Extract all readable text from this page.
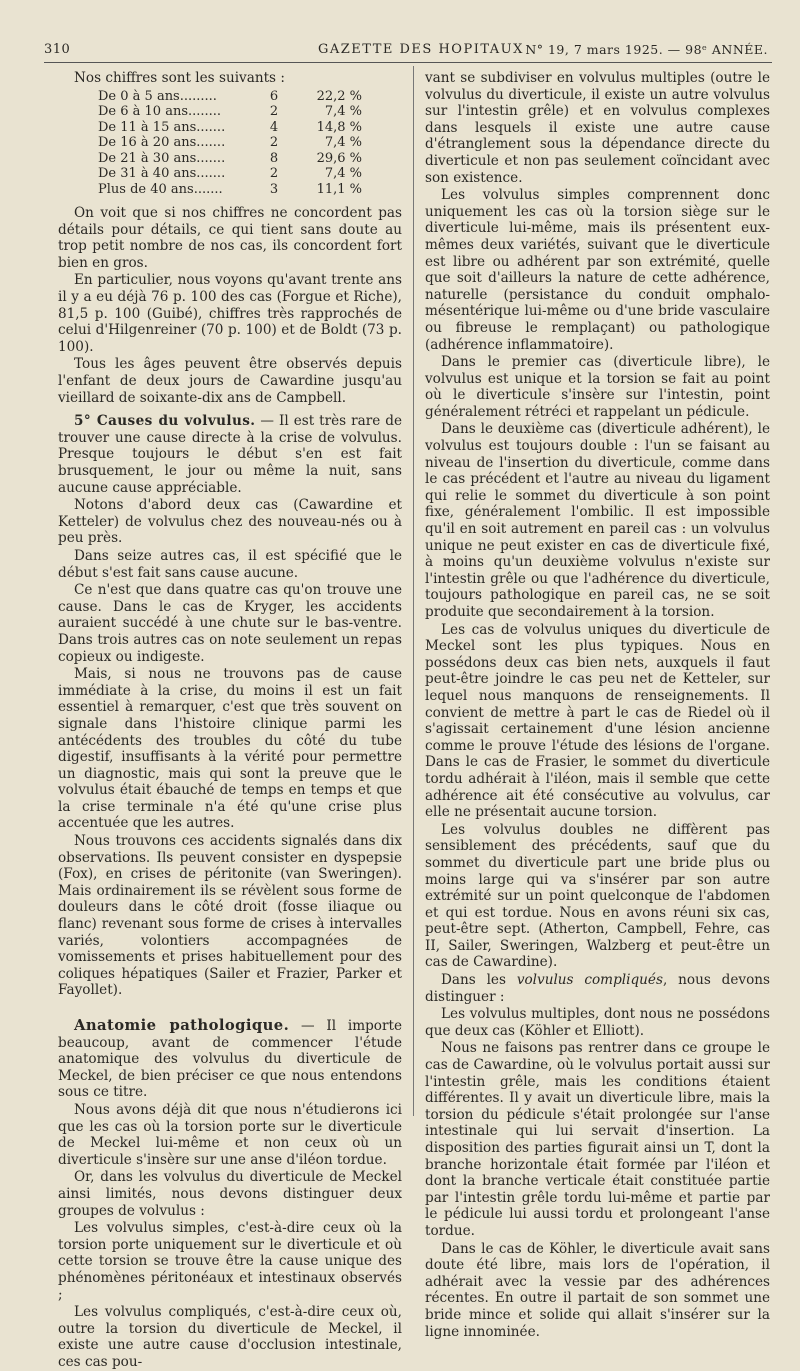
310	GAZETTE DES HOPITAUX N° 19, 7 mars 1925. — 98ᵉ ANNÉE.

Nos chiffres sont les suivants :

De 0 à 5 ans.........	6	22,2 %
De 6 à 10 ans........	2	7,4 %
De 11 à 15 ans.......	4	14,8 %
De 16 à 20 ans.......	2	7,4 %
De 21 à 30 ans.......	8	29,6 %
De 31 à 40 ans.......	2	7,4 %
Plus de 40 ans.......	3	11,1 %

On voit que si nos chiffres ne concordent pas détails pour détails, ce qui tient sans doute au trop petit nombre de nos cas, ils concordent fort bien en gros.

En particulier, nous voyons qu'avant trente ans il y a eu déjà 76 p. 100 des cas (Forgue et Riche), 81,5 p. 100 (Guibé), chiffres très rapprochés de celui d'Hilgenreiner (70 p. 100) et de Boldt (73 p. 100).

Tous les âges peuvent être observés depuis l'enfant de deux jours de Cawardine jusqu'au vieillard de soixante-dix ans de Campbell.

5° Causes du volvulus. — Il est très rare de trouver une cause directe à la crise de volvulus. Presque toujours le début s'en est fait brusquement, le jour ou même la nuit, sans aucune cause appréciable.

Notons d'abord deux cas (Cawardine et Ketteler) de volvulus chez des nouveau-nés ou à peu près.

Dans seize autres cas, il est spécifié que le début s'est fait sans cause aucune.

Ce n'est que dans quatre cas qu'on trouve une cause. Dans le cas de Kryger, les accidents auraient succédé à une chute sur le bas-ventre. Dans trois autres cas on note seulement un repas copieux ou indigeste.

Mais, si nous ne trouvons pas de cause immédiate à la crise, du moins il est un fait essentiel à remarquer, c'est que très souvent on signale dans l'histoire clinique parmi les antécédents des troubles du côté du tube digestif, insuffisants à la vérité pour permettre un diagnostic, mais qui sont la preuve que le volvulus était ébauché de temps en temps et que la crise terminale n'a été qu'une crise plus accentuée que les autres.

Nous trouvons ces accidents signalés dans dix observations. Ils peuvent consister en dyspepsie (Fox), en crises de péritonite (van Sweringen). Mais ordinairement ils se révèlent sous forme de douleurs dans le côté droit (fosse iliaque ou flanc) revenant sous forme de crises à intervalles variés, volontiers accompagnées de vomissements et prises habituellement pour des coliques hépatiques (Sailer et Frazier, Parker et Fayollet).

Anatomie pathologique. — Il importe beaucoup, avant de commencer l'étude anatomique des volvulus du diverticule de Meckel, de bien préciser ce que nous entendons sous ce titre.

Nous avons déjà dit que nous n'étudierons ici que les cas où la torsion porte sur le diverticule de Meckel lui-même et non ceux où un diverticule s'insère sur une anse d'iléon tordue.

Or, dans les volvulus du diverticule de Meckel ainsi limités, nous devons distinguer deux groupes de volvulus :

Les volvulus simples, c'est-à-dire ceux où la torsion porte uniquement sur le diverticule et où cette torsion se trouve être la cause unique des phénomènes péritonéaux et intestinaux observés ;

Les volvulus compliqués, c'est-à-dire ceux où, outre la torsion du diverticule de Meckel, il existe une autre cause d'occlusion intestinale, ces cas pou-

vant se subdiviser en volvulus multiples (outre le volvulus du diverticule, il existe un autre volvulus sur l'intestin grêle) et en volvulus complexes dans lesquels il existe une autre cause d'étranglement sous la dépendance directe du diverticule et non pas seulement coïncidant avec son existence.

Les volvulus simples comprennent donc uniquement les cas où la torsion siège sur le diverticule lui-même, mais ils présentent eux-mêmes deux variétés, suivant que le diverticule est libre ou adhérent par son extrémité, quelle que soit d'ailleurs la nature de cette adhérence, naturelle (persistance du conduit omphalo-mésentérique lui-même ou d'une bride vasculaire ou fibreuse le remplaçant) ou pathologique (adhérence inflammatoire).

Dans le premier cas (diverticule libre), le volvulus est unique et la torsion se fait au point où le diverticule s'insère sur l'intestin, point généralement rétréci et rappelant un pédicule.

Dans le deuxième cas (diverticule adhérent), le volvulus est toujours double : l'un se faisant au niveau de l'insertion du diverticule, comme dans le cas précédent et l'autre au niveau du ligament qui relie le sommet du diverticule à son point fixe, généralement l'ombilic. Il est impossible qu'il en soit autrement en pareil cas : un volvulus unique ne peut exister en cas de diverticule fixé, à moins qu'un deuxième volvulus n'existe sur l'intestin grêle ou que l'adhérence du diverticule, toujours pathologique en pareil cas, ne se soit produite que secondairement à la torsion.

Les cas de volvulus uniques du diverticule de Meckel sont les plus typiques. Nous en possédons deux cas bien nets, auxquels il faut peut-être joindre le cas peu net de Ketteler, sur lequel nous manquons de renseignements. Il convient de mettre à part le cas de Riedel où il s'agissait certainement d'une lésion ancienne comme le prouve l'étude des lésions de l'organe. Dans le cas de Frasier, le sommet du diverticule tordu adhérait à l'iléon, mais il semble que cette adhérence ait été consécutive au volvulus, car elle ne présentait aucune torsion.

Les volvulus doubles ne diffèrent pas sensiblement des précédents, sauf que du sommet du diverticule part une bride plus ou moins large qui va s'insérer par son autre extrémité sur un point quelconque de l'abdomen et qui est tordue. Nous en avons réuni six cas, peut-être sept. (Atherton, Campbell, Fehre, cas II, Sailer, Sweringen, Walzberg et peut-être un cas de Cawardine).

Dans les volvulus compliqués, nous devons distinguer :

Les volvulus multiples, dont nous ne possédons que deux cas (Köhler et Elliott).

Nous ne faisons pas rentrer dans ce groupe le cas de Cawardine, où le volvulus portait aussi sur l'intestin grêle, mais les conditions étaient différentes. Il y avait un diverticule libre, mais la torsion du pédicule s'était prolongée sur l'anse intestinale qui lui servait d'insertion. La disposition des parties figurait ainsi un T, dont la branche horizontale était formée par l'iléon et dont la branche verticale était constituée partie par l'intestin grêle tordu lui-même et partie par le pédicule lui aussi tordu et prolongeant l'anse tordue.

Dans le cas de Köhler, le diverticule avait sans doute été libre, mais lors de l'opération, il adhérait avec la vessie par des adhérences récentes. En outre il partait de son sommet une bride mince et solide qui allait s'insérer sur la ligne innominée.
